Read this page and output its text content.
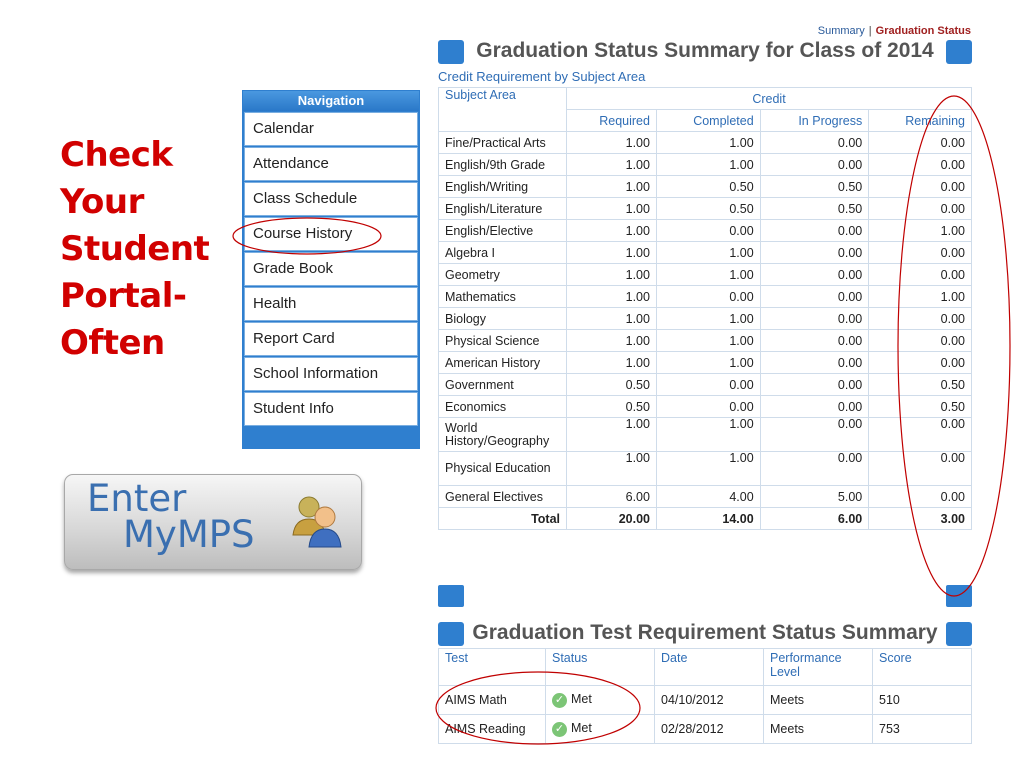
Check
Your
Student
Portal-
Often
Navigation
Calendar
Attendance
Class Schedule
Course History
Grade Book
Health
Report Card
School Information
Student Info
Enter
MyMPS
Summary | Graduation Status
Graduation Status Summary for Class of 2014
Credit Requirement by Subject Area
Subject Area	Credit			
	Required	Completed	In Progress	Remaining
Fine/Practical Arts	1.00	1.00	0.00	0.00
English/9th Grade	1.00	1.00	0.00	0.00
English/Writing	1.00	0.50	0.50	0.00
English/Literature	1.00	0.50	0.50	0.00
English/Elective	1.00	0.00	0.00	1.00
Algebra I	1.00	1.00	0.00	0.00
Geometry	1.00	1.00	0.00	0.00
Mathematics	1.00	0.00	0.00	1.00
Biology	1.00	1.00	0.00	0.00
Physical Science	1.00	1.00	0.00	0.00
American History	1.00	1.00	0.00	0.00
Government	0.50	0.00	0.00	0.50
Economics	0.50	0.00	0.00	0.50
World History/Geography	1.00	1.00	0.00	0.00
Physical Education	1.00	1.00	0.00	0.00
General Electives	6.00	4.00	5.00	0.00
Total	20.00	14.00	6.00	3.00
Graduation Test Requirement Status Summary
Test	Status	Date	Performance Level	Score
AIMS Math	✓ Met	04/10/2012	Meets	510
AIMS Reading	✓ Met	02/28/2012	Meets	753
